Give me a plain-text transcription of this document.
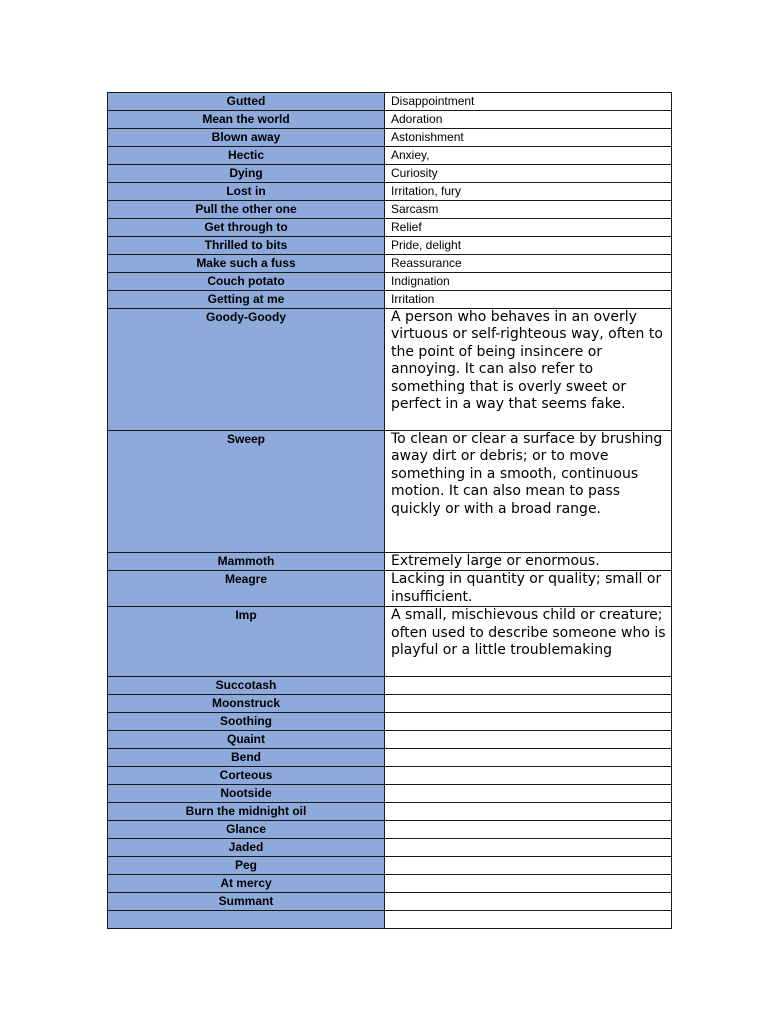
Gutted	Disappointment
Mean the world	Adoration
Blown away	Astonishment
Hectic	Anxiey,
Dying	Curiosity
Lost in	Irritation, fury
Pull the other one	Sarcasm
Get through to	Relief
Thrilled to bits	Pride, delight
Make such a fuss	Reassurance
Couch potato	Indignation
Getting at me	Irritation
Goody-Goody	A person who behaves in an overly virtuous or self-righteous way, often to the point of being insincere or annoying. It can also refer to something that is overly sweet or perfect in a way that seems fake.
Sweep	To clean or clear a surface by brushing away dirt or debris; or to move something in a smooth, continuous motion. It can also mean to pass quickly or with a broad range.
Mammoth	Extremely large or enormous.
Meagre	Lacking in quantity or quality; small or insufficient.
Imp	A small, mischievous child or creature; often used to describe someone who is playful or a little troublemaking
Succotash	
Moonstruck	
Soothing	
Quaint	
Bend	
Corteous	
Nootside	
Burn the midnight oil	
Glance	
Jaded	
Peg	
At mercy	
Summant	
